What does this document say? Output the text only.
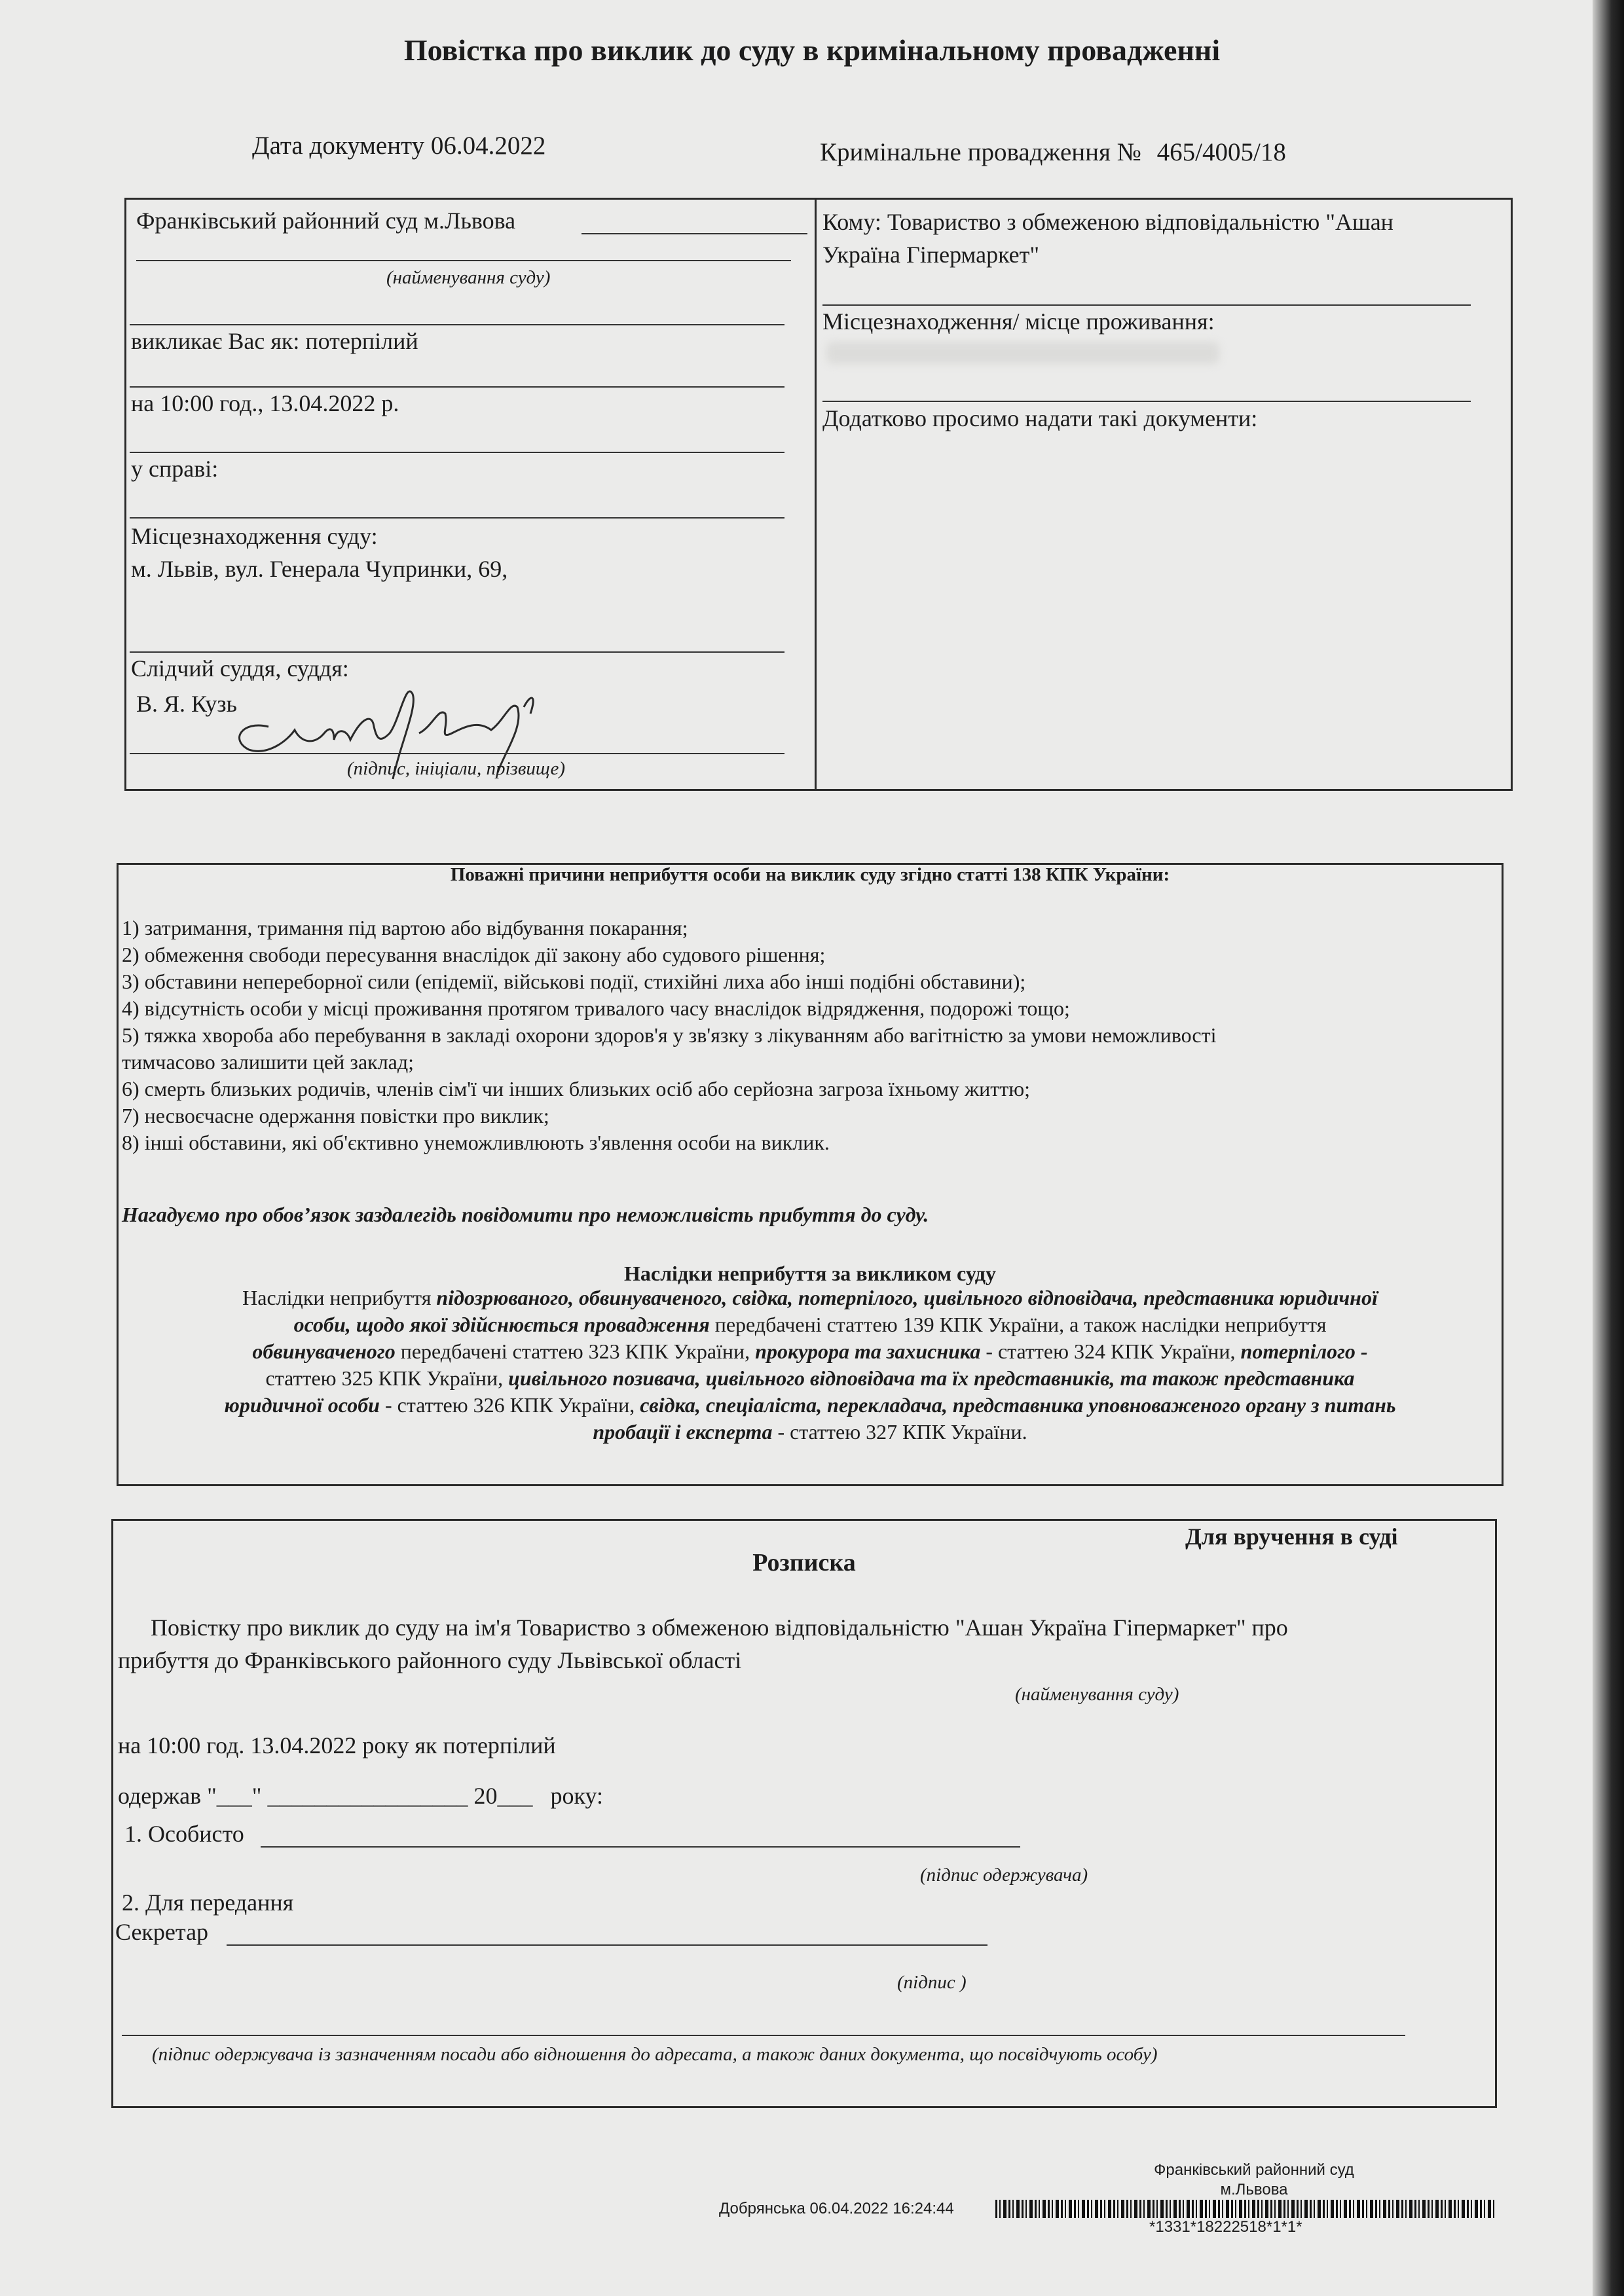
Повістка про виклик до суду в кримінальному провадженні
Дата документу 06.04.2022	Кримінальне провадження № 465/4005/18
Франківський районний суд м.Львова
(найменування суду)
викликає Вас як: потерпілий
на 10:00 год., 13.04.2022 р.
у справі:
Місцезнаходження суду:
м. Львів, вул. Генерала Чупринки, 69,
Слідчий суддя, суддя:
В. Я. Кузь
(підпис, ініціали, прізвище)
Кому: Товариство з обмеженою відповідальністю "Ашан
Україна Гіпермаркет"
Місцезнаходження/ місце проживання:
Додатково просимо надати такі документи:
Поважні причини неприбуття особи на виклик суду згідно статті 138 КПК України:
1) затримання, тримання під вартою або відбування покарання;
2) обмеження свободи пересування внаслідок дії закону або судового рішення;
3) обставини непереборної сили (епідемії, військові події, стихійні лиха або інші подібні обставини);
4) відсутність особи у місці проживання протягом тривалого часу внаслідок відрядження, подорожі тощо;
5) тяжка хвороба або перебування в закладі охорони здоров'я у зв'язку з лікуванням або вагітністю за умови неможливості
тимчасово залишити цей заклад;
6) смерть близьких родичів, членів сім'ї чи інших близьких осіб або серйозна загроза їхньому життю;
7) несвоєчасне одержання повістки про виклик;
8) інші обставини, які об'єктивно унеможливлюють з'явлення особи на виклик.
Нагадуємо про обов’язок заздалегідь повідомити про неможливість прибуття до суду.
Наслідки неприбуття за викликом суду
Наслідки неприбуття підозрюваного, обвинуваченого, свідка, потерпілого, цивільного відповідача, представника юридичної
особи, щодо якої здійснюється провадження передбачені статтею 139 КПК України, а також наслідки неприбуття
обвинуваченого передбачені статтею 323 КПК України, прокурора та захисника - статтею 324 КПК України, потерпілого -
статтею 325 КПК України, цивільного позивача, цивільного відповідача та їх представників, та також представника
юридичної особи - статтею 326 КПК України, свідка, спеціаліста, перекладача, представника уповноваженого органу з питань
пробації і експерта - статтею 327 КПК України.
Для вручення в суді
Розписка
Повістку про виклик до суду на ім'я Товариство з обмеженою відповідальністю "Ашан Україна Гіпермаркет" про
прибуття до Франківського районного суду Львівської області
(найменування суду)
на 10:00 год. 13.04.2022 року як потерпілий
одержав "___" _________________ 20___   року:
1. Особисто
(підпис одержувача)
2. Для передання
Секретар
(підпис )
(підпис одержувача із зазначенням посади або відношення до адресата, а також даних документа, що посвідчують особу)
Франківський районний суд
м.Львова
Добрянська 06.04.2022 16:24:44
*1331*18222518*1*1*
